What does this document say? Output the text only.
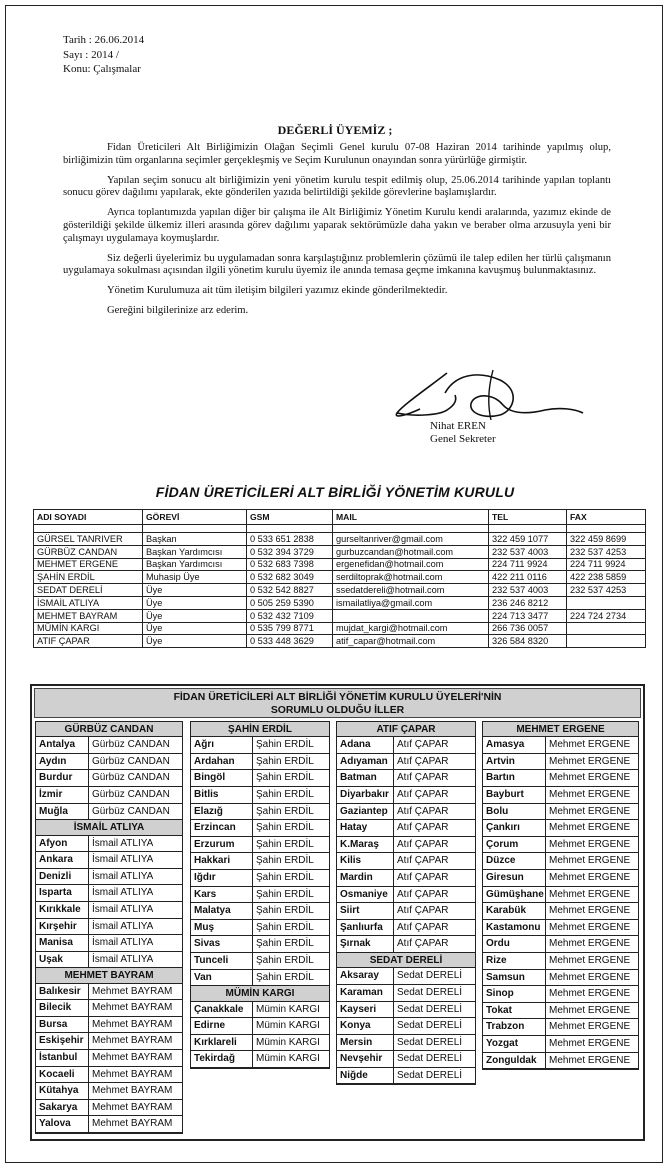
Tarih : 26.06.2014
Sayı : 2014 /
Konu: Çalışmalar
DEĞERLİ ÜYEMİZ ;

Fidan Üreticileri Alt Birliğimizin Olağan Seçimli Genel kurulu 07-08 Haziran 2014 tarihinde yapılmış olup, birliğimizin tüm organlarına seçimler gerçekleşmiş ve Seçim Kurulunun onayından sonra yürürlüğe girmiştir.

Yapılan seçim sonucu alt birliğimizin yeni yönetim kurulu tespit edilmiş olup, 25.06.2014 tarihinde yapılan toplantı sonucu görev dağılımı yapılarak, ekte gönderilen yazıda belirtildiği şekilde görevlerine başlamışlardır.

Ayrıca toplantımızda yapılan diğer bir çalışma ile Alt Birliğimiz Yönetim Kurulu kendi aralarında, yazımız ekinde de gösterildiği şekilde ülkemiz illeri arasında görev dağılımı yaparak sektörümüzle daha yakın ve beraber olma arzusuyla yeni bir çalışmayı uygulamaya koymuşlardır.

Siz değerli üyelerimiz bu uygulamadan sonra karşılaştığınız problemlerin çözümü ile talep edilen her türlü çalışmanın uygulamaya sokulması açısından ilgili yönetim kurulu üyemiz ile anında temasa geçme imkanına kavuşmuş bulunmaktasınız.

Yönetim Kurulumuza ait tüm iletişim bilgileri yazımız ekinde gönderilmektedir.

Gereğini bilgilerinize arz ederim.

Nihat EREN
Genel Sekreter
FİDAN ÜRETİCİLERİ ALT BİRLİĞİ YÖNETİM KURULU
ADI SOYADI	GÖREVİ	GSM	MAIL	TEL	FAX

GÜRSEL TANRIVER	Başkan	0 533 651 2838	gurseltanriver@gmail.com	322 459 1077	322 459 8699
GÜRBÜZ CANDAN	Başkan Yardımcısı	0 532 394 3729	gurbuzcandan@hotmail.com	232 537 4003	232 537 4253
MEHMET ERGENE	Başkan Yardımcısı	0 532 683 7398	ergenefidan@hotmail.com	224 711 9924	224 711 9924
ŞAHİN ERDİL	Muhasip Üye	0 532 682 3049	serdiltoprak@hotmail.com	422 211 0116	422 238 5859
SEDAT DERELİ	Üye	0 532 542 8827	ssedatdereli@hotmail.com	232 537 4003	232 537 4253
İSMAİL ATLIYA	Üye	0 505 259 5390	ismailatliya@gmail.com	236 246 8212	
MEHMET BAYRAM	Üye	0 532 432 7109		224 713 3477	224 724 2734
MÜMİN KARGI	Üye	0 535 799 8771	mujdat_kargi@hotmail.com	266 736 0057	
ATIF ÇAPAR	Üye	0 533 448 3629	atif_capar@hotmail.com	326 584 8320	
FİDAN ÜRETİCİLERİ ALT BİRLİĞİ YÖNETİM KURULU ÜYELERİ'NİN
SORUMLU OLDUĞU İLLER
GÜRBÜZ CANDAN
Antalya	Gürbüz CANDAN
Aydın	Gürbüz CANDAN
Burdur	Gürbüz CANDAN
İzmir	Gürbüz CANDAN
Muğla	Gürbüz CANDAN
İSMAİL ATLIYA
Afyon	İsmail ATLIYA
Ankara	İsmail ATLIYA
Denizli	İsmail ATLIYA
Isparta	İsmail ATLIYA
Kırıkkale	İsmail ATLIYA
Kırşehir	İsmail ATLIYA
Manisa	İsmail ATLIYA
Uşak	İsmail ATLIYA
MEHMET BAYRAM
Balıkesir	Mehmet BAYRAM
Bilecik	Mehmet BAYRAM
Bursa	Mehmet BAYRAM
Eskişehir Mehmet BAYRAM
İstanbul	Mehmet BAYRAM
Kocaeli	Mehmet BAYRAM
Kütahya	Mehmet BAYRAM
Sakarya	Mehmet BAYRAM
Yalova	Mehmet BAYRAM
ŞAHİN ERDİL
Ağrı	Şahin ERDİL
Ardahan	Şahin ERDİL
Bingöl	Şahin ERDİL
Bitlis	Şahin ERDİL
Elazığ	Şahin ERDİL
Erzincan	Şahin ERDİL
Erzurum	Şahin ERDİL
Hakkari	Şahin ERDİL
Iğdır	Şahin ERDİL
Kars	Şahin ERDİL
Malatya	Şahin ERDİL
Muş	Şahin ERDİL
Sivas	Şahin ERDİL
Tunceli	Şahin ERDİL
Van	Şahin ERDİL
MÜMİN KARGI
Çanakkale	Mümin KARGI
Edirne	Mümin KARGI
Kırklareli	Mümin KARGI
Tekirdağ	Mümin KARGI
ATIF ÇAPAR
Adana	Atıf ÇAPAR
Adıyaman Atıf ÇAPAR
Batman	Atıf ÇAPAR
Diyarbakır Atıf ÇAPAR
Gaziantep Atıf ÇAPAR
Hatay	Atıf ÇAPAR
K.Maraş	Atıf ÇAPAR
Kilis	Atıf ÇAPAR
Mardin	Atıf ÇAPAR
Osmaniye Atıf ÇAPAR
Siirt	Atıf ÇAPAR
Şanlıurfa	Atıf ÇAPAR
Şırnak	Atıf ÇAPAR
SEDAT DERELİ
Aksaray	Sedat DERELİ
Karaman	Sedat DERELİ
Kayseri	Sedat DERELİ
Konya	Sedat DERELİ
Mersin	Sedat DERELİ
Nevşehir	Sedat DERELİ
Niğde	Sedat DERELİ
MEHMET ERGENE
Amasya	Mehmet ERGENE
Artvin	Mehmet ERGENE
Bartın	Mehmet ERGENE
Bayburt	Mehmet ERGENE
Bolu	Mehmet ERGENE
Çankırı	Mehmet ERGENE
Çorum	Mehmet ERGENE
Düzce	Mehmet ERGENE
Giresun	Mehmet ERGENE
Gümüşhane Mehmet ERGENE
Karabük	Mehmet ERGENE
Kastamonu Mehmet ERGENE
Ordu	Mehmet ERGENE
Rize	Mehmet ERGENE
Samsun	Mehmet ERGENE
Sinop	Mehmet ERGENE
Tokat	Mehmet ERGENE
Trabzon	Mehmet ERGENE
Yozgat	Mehmet ERGENE
Zonguldak	Mehmet ERGENE
